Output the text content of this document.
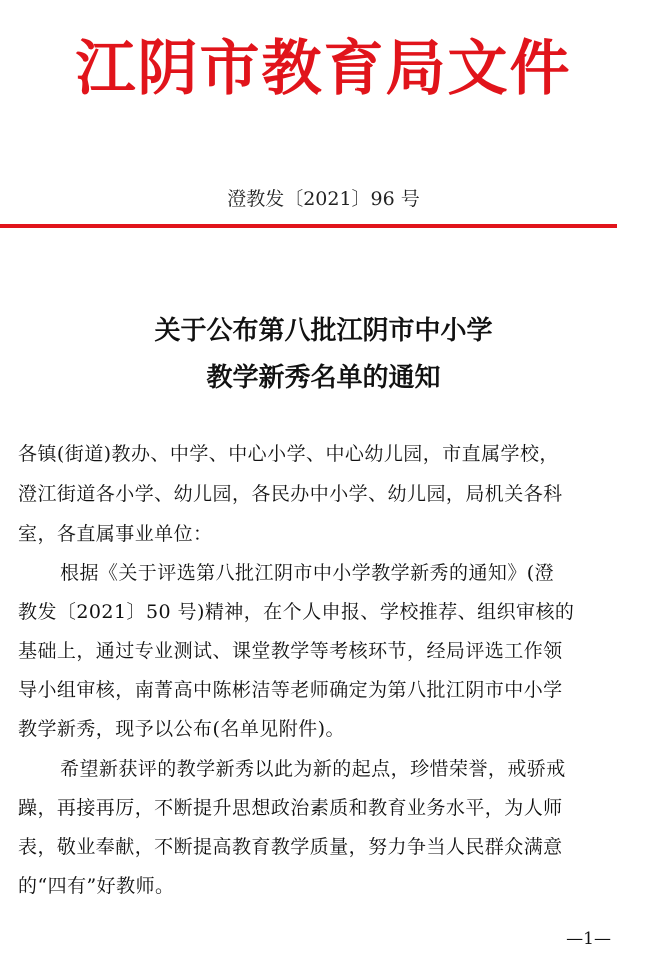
江阴市教育局文件
澄教发〔2021〕96 号
关于公布第八批江阴市中小学
教学新秀名单的通知
各镇(街道)教办、中学、中心小学、中心幼儿园，市直属学校，
澄江街道各小学、幼儿园，各民办中小学、幼儿园，局机关各科
室，各直属事业单位：
根据《关于评选第八批江阴市中小学教学新秀的通知》(澄
教发〔2021〕50 号)精神，在个人申报、学校推荐、组织审核的
基础上，通过专业测试、课堂教学等考核环节，经局评选工作领
导小组审核，南菁高中陈彬洁等老师确定为第八批江阴市中小学
教学新秀，现予以公布(名单见附件)。
希望新获评的教学新秀以此为新的起点，珍惜荣誉，戒骄戒
躁，再接再厉，不断提升思想政治素质和教育业务水平，为人师
表，敬业奉献，不断提高教育教学质量，努力争当人民群众满意
的“四有”好教师。
—1—
